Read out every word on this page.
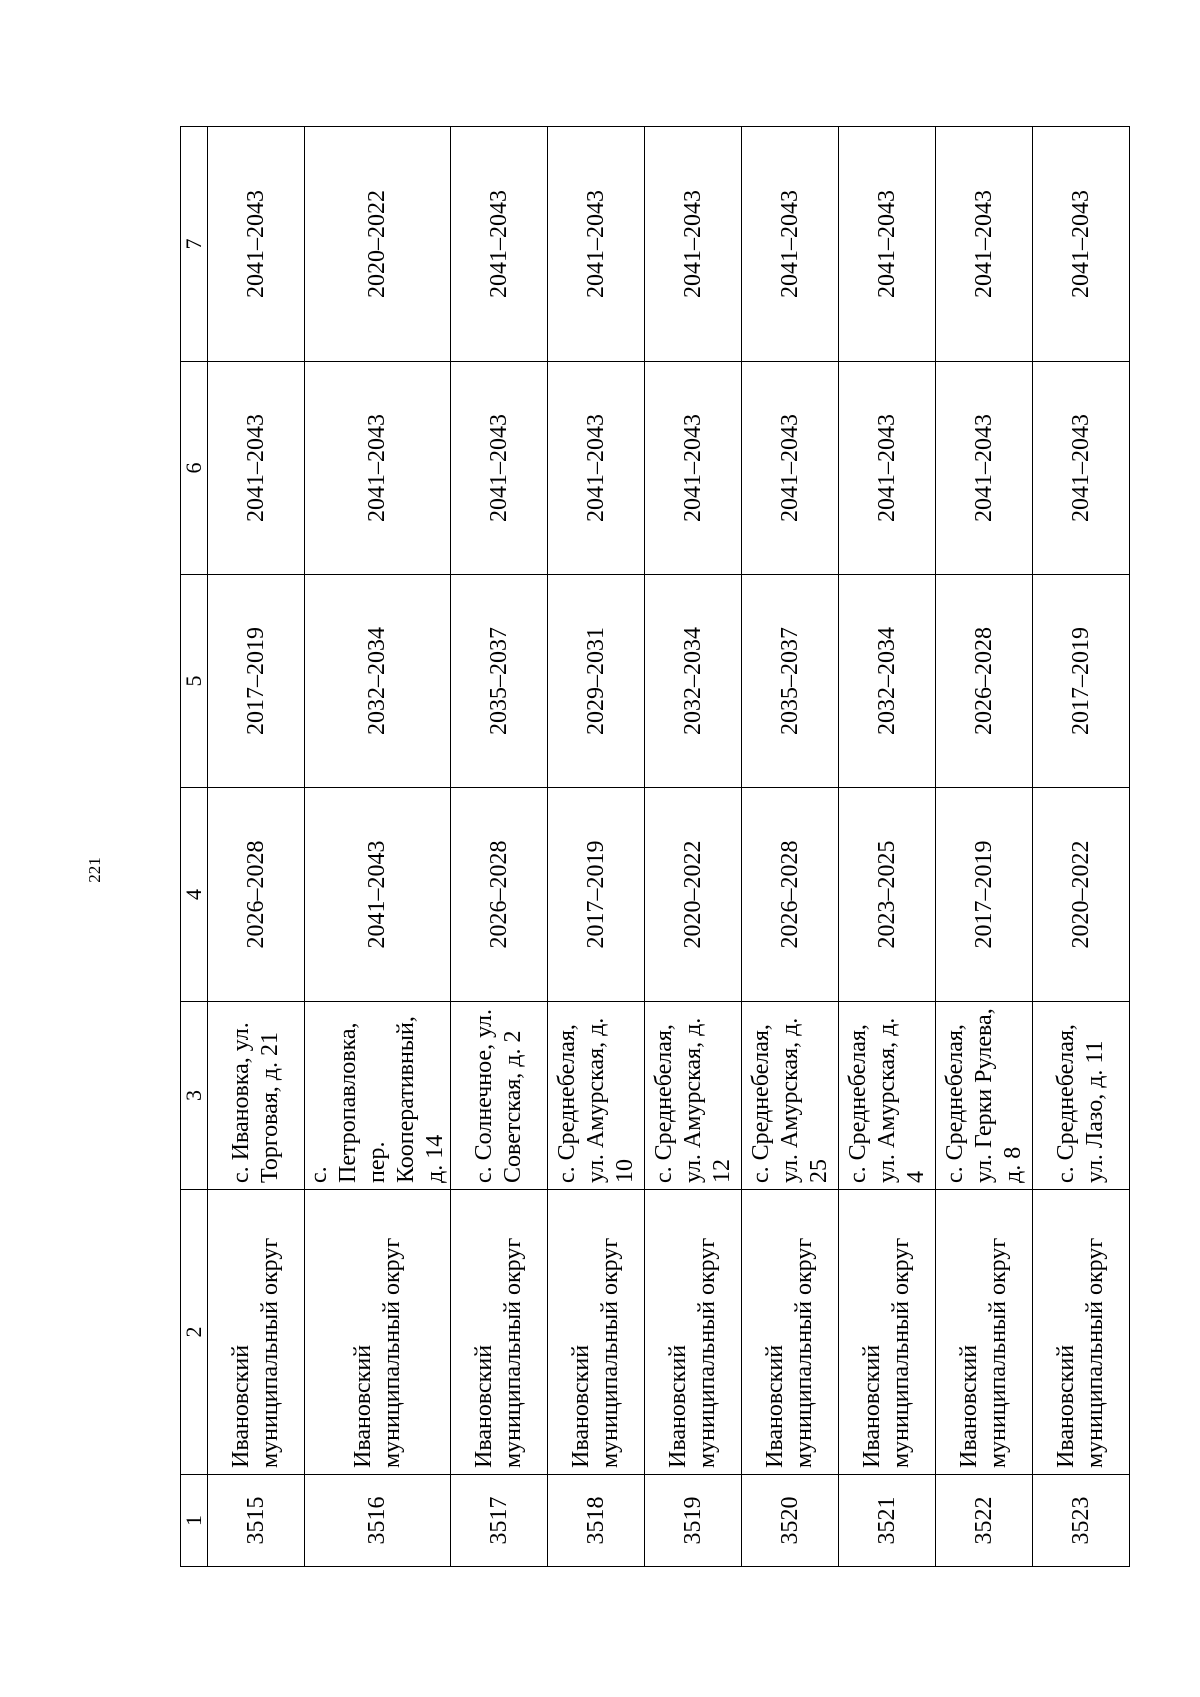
221
1	2	3	4	5	6	7
3515	Ивановский муниципальный округ	с. Ивановка, ул. Торговая, д. 21	2026–2028	2017–2019	2041–2043	2041–2043
3516	Ивановский муниципальный округ	с. Петропавловка, пер. Кооперативный, д. 14	2041–2043	2032–2034	2041–2043	2020–2022
3517	Ивановский муниципальный округ	с. Солнечное, ул. Советская, д. 2	2026–2028	2035–2037	2041–2043	2041–2043
3518	Ивановский муниципальный округ	с. Среднебелая, ул. Амурская, д. 10	2017–2019	2029–2031	2041–2043	2041–2043
3519	Ивановский муниципальный округ	с. Среднебелая, ул. Амурская, д. 12	2020–2022	2032–2034	2041–2043	2041–2043
3520	Ивановский муниципальный округ	с. Среднебелая, ул. Амурская, д. 25	2026–2028	2035–2037	2041–2043	2041–2043
3521	Ивановский муниципальный округ	с. Среднебелая, ул. Амурская, д. 4	2023–2025	2032–2034	2041–2043	2041–2043
3522	Ивановский муниципальный округ	с. Среднебелая, ул. Герки Рулева, д. 8	2017–2019	2026–2028	2041–2043	2041–2043
3523	Ивановский муниципальный округ	с. Среднебелая, ул. Лазо, д. 11	2020–2022	2017–2019	2041–2043	2041–2043
